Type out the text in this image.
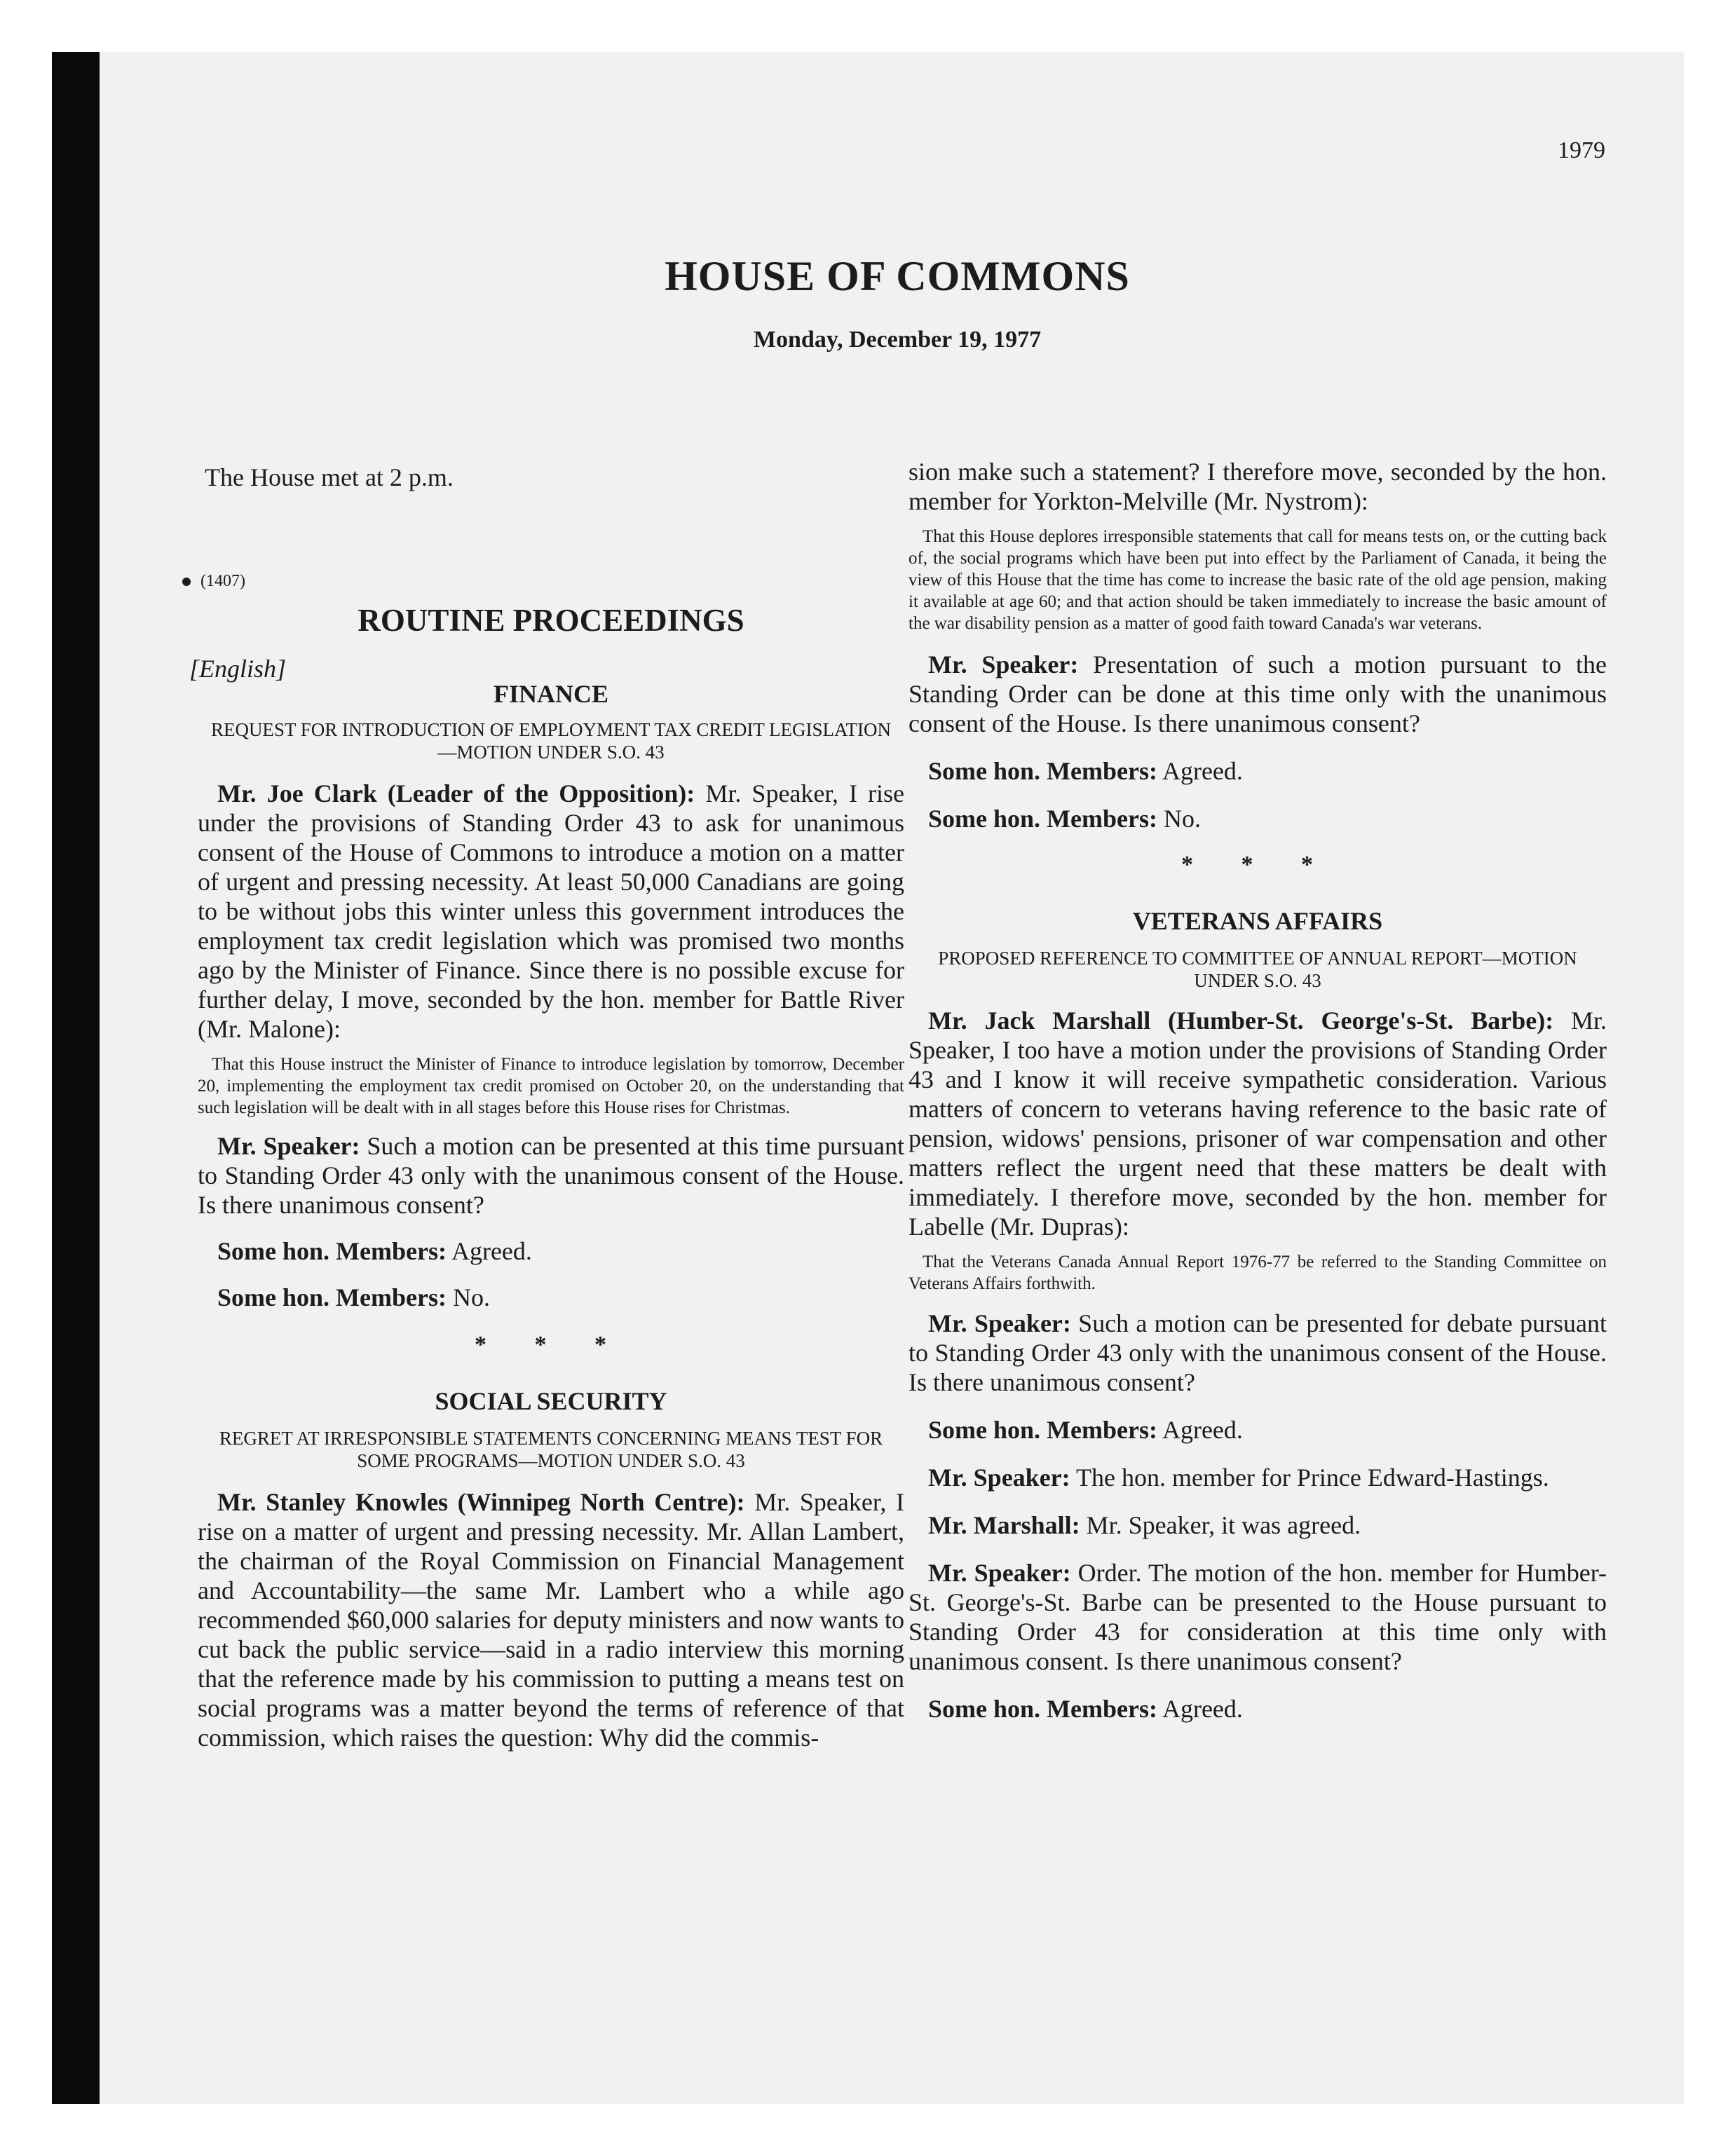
1979
HOUSE OF COMMONS
Monday, December 19, 1977

The House met at 2 p.m.

(1407)

ROUTINE PROCEEDINGS

[English]

FINANCE

REQUEST FOR INTRODUCTION OF EMPLOYMENT TAX CREDIT LEGISLATION—MOTION UNDER S.O. 43

Mr. Joe Clark (Leader of the Opposition): Mr. Speaker, I rise under the provisions of Standing Order 43 to ask for unanimous consent of the House of Commons to introduce a motion on a matter of urgent and pressing necessity. At least 50,000 Canadians are going to be without jobs this winter unless this government introduces the employment tax credit legislation which was promised two months ago by the Minister of Finance. Since there is no possible excuse for further delay, I move, seconded by the hon. member for Battle River (Mr. Malone):

That this House instruct the Minister of Finance to introduce legislation by tomorrow, December 20, implementing the employment tax credit promised on October 20, on the understanding that such legislation will be dealt with in all stages before this House rises for Christmas.

Mr. Speaker: Such a motion can be presented at this time pursuant to Standing Order 43 only with the unanimous consent of the House. Is there unanimous consent?

Some hon. Members: Agreed.

Some hon. Members: No.

* * *

SOCIAL SECURITY

REGRET AT IRRESPONSIBLE STATEMENTS CONCERNING MEANS TEST FOR SOME PROGRAMS—MOTION UNDER S.O. 43

Mr. Stanley Knowles (Winnipeg North Centre): Mr. Speaker, I rise on a matter of urgent and pressing necessity. Mr. Allan Lambert, the chairman of the Royal Commission on Financial Management and Accountability—the same Mr. Lambert who a while ago recommended $60,000 salaries for deputy ministers and now wants to cut back the public service—said in a radio interview this morning that the reference made by his commission to putting a means test on social programs was a matter beyond the terms of reference of that commission, which raises the question: Why did the commis-

sion make such a statement? I therefore move, seconded by the hon. member for Yorkton-Melville (Mr. Nystrom):

That this House deplores irresponsible statements that call for means tests on, or the cutting back of, the social programs which have been put into effect by the Parliament of Canada, it being the view of this House that the time has come to increase the basic rate of the old age pension, making it available at age 60; and that action should be taken immediately to increase the basic amount of the war disability pension as a matter of good faith toward Canada's war veterans.

Mr. Speaker: Presentation of such a motion pursuant to the Standing Order can be done at this time only with the unanimous consent of the House. Is there unanimous consent?

Some hon. Members: Agreed.

Some hon. Members: No.

* * *

VETERANS AFFAIRS

PROPOSED REFERENCE TO COMMITTEE OF ANNUAL REPORT—MOTION UNDER S.O. 43

Mr. Jack Marshall (Humber-St. George's-St. Barbe): Mr. Speaker, I too have a motion under the provisions of Standing Order 43 and I know it will receive sympathetic consideration. Various matters of concern to veterans having reference to the basic rate of pension, widows' pensions, prisoner of war compensation and other matters reflect the urgent need that these matters be dealt with immediately. I therefore move, seconded by the hon. member for Labelle (Mr. Dupras):

That the Veterans Canada Annual Report 1976-77 be referred to the Standing Committee on Veterans Affairs forthwith.

Mr. Speaker: Such a motion can be presented for debate pursuant to Standing Order 43 only with the unanimous consent of the House. Is there unanimous consent?

Some hon. Members: Agreed.

Mr. Speaker: The hon. member for Prince Edward-Hastings.

Mr. Marshall: Mr. Speaker, it was agreed.

Mr. Speaker: Order. The motion of the hon. member for Humber-St. George's-St. Barbe can be presented to the House pursuant to Standing Order 43 for consideration at this time only with unanimous consent. Is there unanimous consent?

Some hon. Members: Agreed.
